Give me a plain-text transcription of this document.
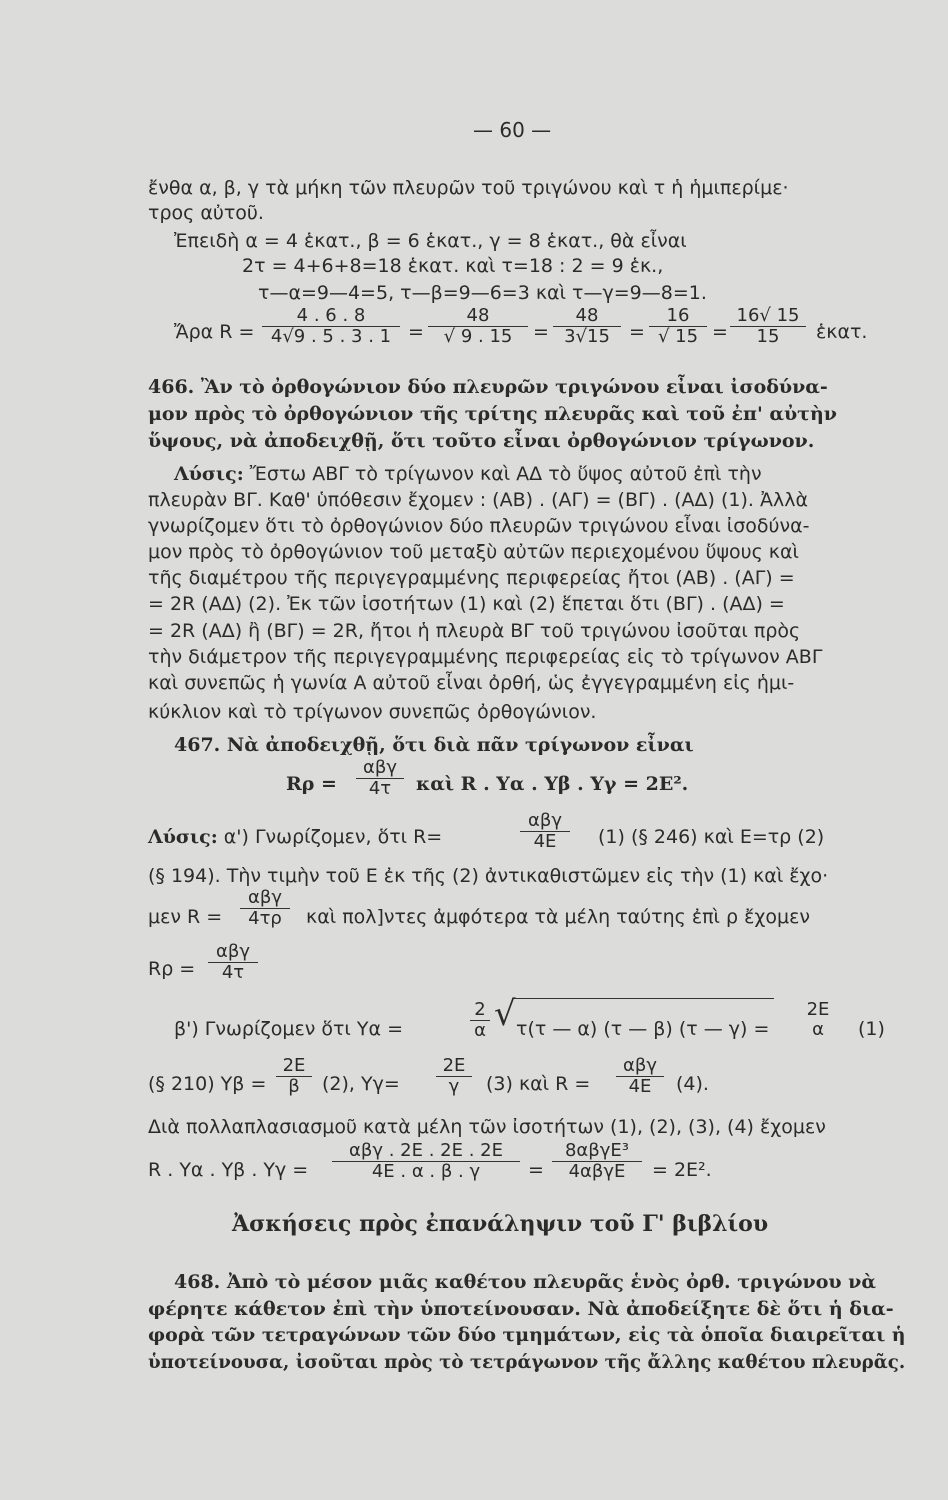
— 60 —
ἔνθα α, β, γ τὰ μήκη τῶν πλευρῶν τοῦ τριγώνου καὶ τ ἡ ἡμιπερίμε·
τρος αὐτοῦ.
Ἐπειδὴ α = 4 ἑκατ., β = 6 ἑκατ., γ = 8 ἑκατ., θὰ εἶναι
2τ = 4+6+8=18 ἑκατ. καὶ τ=18 : 2 = 9 ἑκ.,
τ—α=9—4=5, τ—β=9—6=3 καὶ τ—γ=9—8=1.
Ἄρα $R = \frac{4 . 6 . 8}{4√9 . 5 . 3 . 1} = \frac{48}{√ 9 . 15} = \frac{48}{3√15} = \frac{16}{√ 15} = \frac{16√ 15}{15}$ ἑκατ.
466. Ἂν τὸ ὀρθογώνιον δύο πλευρῶν τριγώνου εἶναι ἰσοδύνα-
μον πρὸς τὸ ὀρθογώνιον τῆς τρίτης πλευρᾶς καὶ τοῦ ἐπ' αὐτὴν
ὕψους, νὰ ἀποδειχθῇ, ὅτι τοῦτο εἶναι ὀρθογώνιον τρίγωνον.
Λύσις: Ἔστω ΑΒΓ τὸ τρίγωνον καὶ ΑΔ τὸ ὕψος αὐτοῦ ἐπὶ τὴν
πλευρὰν ΒΓ. Καθ' ὑπόθεσιν ἔχομεν : (ΑΒ) . (ΑΓ) = (ΒΓ) . (ΑΔ) (1). Ἀλλὰ
γνωρίζομεν ὅτι τὸ ὀρθογώνιον δύο πλευρῶν τριγώνου εἶναι ἰσοδύνα-
μον πρὸς τὸ ὀρθογώνιον τοῦ μεταξὺ αὐτῶν περιεχομένου ὕψους καὶ
τῆς διαμέτρου τῆς περιγεγραμμένης περιφερείας ἤτοι (ΑΒ) . (ΑΓ) =
= 2R (ΑΔ) (2). Ἐκ τῶν ἰσοτήτων (1) καὶ (2) ἕπεται ὅτι (ΒΓ) . (ΑΔ) =
= 2R (ΑΔ) ἢ (ΒΓ) = 2R, ἤτοι ἡ πλευρὰ ΒΓ τοῦ τριγώνου ἰσοῦται πρὸς
τὴν διάμετρον τῆς περιγεγραμμένης περιφερείας εἰς τὸ τρίγωνον ΑΒΓ
καὶ συνεπῶς ἡ γωνία Α αὐτοῦ εἶναι ὀρθή, ὡς ἐγγεγραμμένη εἰς ἡμι-
κύκλιον καὶ τὸ τρίγωνον συνεπῶς ὀρθογώνιον.
467. Νὰ ἀποδειχθῇ, ὅτι διὰ πᾶν τρίγωνον εἶναι
Rρ =
αβγ
4τ	καὶ R . Υα . Υβ . Υγ = 2Ε².
Λύσις: α') Γνωρίζομεν, ὅτι R=
αβγ
4Ε	(1) (§ 246) καὶ Ε=τρ (2)
(§ 194). Τὴν τιμὴν τοῦ Ε ἐκ τῆς (2) ἀντικαθιστῶμεν εἰς τὴν (1) καὶ ἔχο·
μεν R =
αβγ
4τρ	καὶ πολ]ντες ἀμφότερα τὰ μέλη ταύτης ἐπὶ ρ ἔχομεν
Rρ =
αβγ
4τ
β') Γνωρίζομεν ὅτι Υα =	$\frac{2}{\alpha}$ √ τ(τ — α) (τ — β) (τ — γ) =
2Ε
α	(1)
(§ 210) $\Upsilon\beta = \frac{2E}{\beta} (2)$, $\Upsilon\gamma= \frac{2E}{\gamma} (3)$ καὶ R =
αβγ
4Ε	(4).
Διὰ πολλαπλασιασμοῦ κατὰ μέλη τῶν ἰσοτήτων (1), (2), (3), (4) ἔχομεν
R . Υα . Υβ . Υγ =
αβγ . 2Ε . 2Ε . 2Ε
4Ε . α . β . γ	=
8αβγΕ³
4αβγΕ	= 2Ε².
Ἀσκήσεις πρὸς ἐπανάληψιν τοῦ Γ' βιβλίου
468. Ἀπὸ τὸ μέσον μιᾶς καθέτου πλευρᾶς ἑνὸς ὀρθ. τριγώνου νὰ
φέρητε κάθετον ἐπὶ τὴν ὑποτείνουσαν. Νὰ ἀποδείξητε δὲ ὅτι ἡ δια-
φορὰ τῶν τετραγώνων τῶν δύο τμημάτων, εἰς τὰ ὁποῖα διαιρεῖται ἡ
ὑποτείνουσα, ἰσοῦται πρὸς τὸ τετράγωνον τῆς ἄλλης καθέτου πλευρᾶς.
